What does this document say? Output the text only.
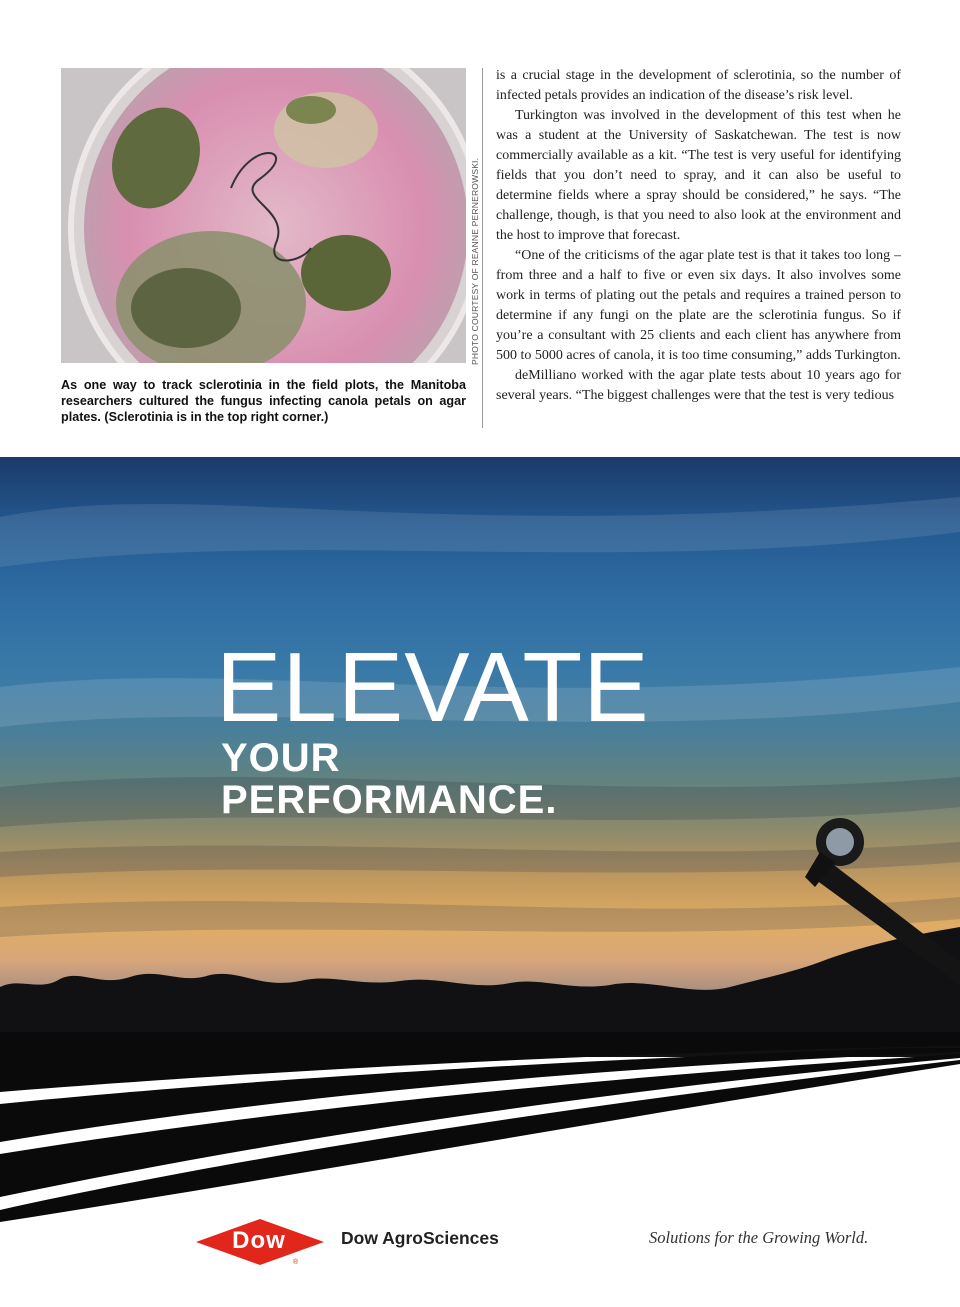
PHOTO COURTESY OF REANNE PERNEROWSKI.
As one way to track sclerotinia in the field plots, the Manitoba researchers cultured the fungus infecting canola petals on agar plates. (Sclerotinia is in the top right corner.)

is a crucial stage in the development of sclerotinia, so the number of infected petals provides an indication of the disease’s risk level.

Turkington was involved in the development of this test when he was a student at the University of Saskatchewan. The test is now commercially available as a kit. “The test is very useful for identifying fields that you don’t need to spray, and it can also be useful to determine fields where a spray should be considered,” he says. “The challenge, though, is that you need to also look at the environment and the host to improve that forecast.

“One of the criticisms of the agar plate test is that it takes too long – from three and a half to five or even six days. It also involves some work in terms of plating out the petals and requires a trained person to determine if any fungi on the plate are the sclerotinia fungus. So if you’re a consultant with 25 clients and each client has anywhere from 500 to 5000 acres of canola, it is too time consuming,” adds Turkington.

deMilliano worked with the agar plate tests about 10 years ago for several years. “The biggest challenges were that the test is very tedious

ELEVATE
YOUR
PERFORMANCE.
®
Dow	Dow AgroSciences	Solutions for the Growing World.
